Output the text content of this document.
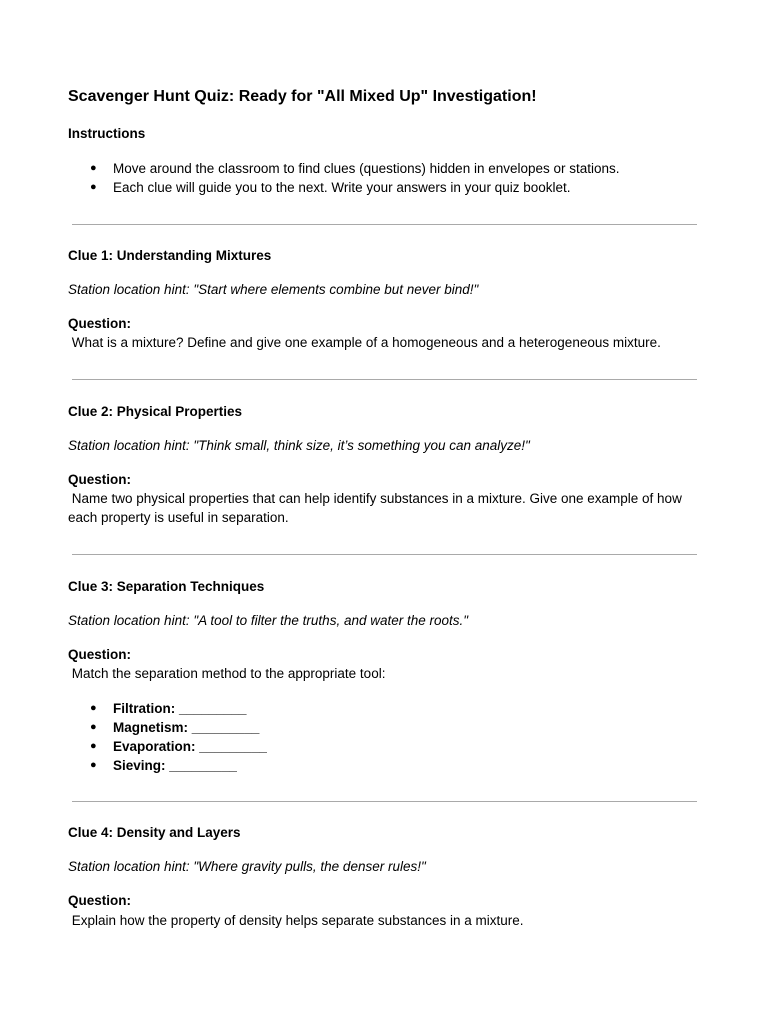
Scavenger Hunt Quiz: Ready for "All Mixed Up" Investigation!

Instructions

● Move around the classroom to find clues (questions) hidden in envelopes or stations.
● Each clue will guide you to the next. Write your answers in your quiz booklet.

Clue 1: Understanding Mixtures

Station location hint: "Start where elements combine but never bind!"

Question:

What is a mixture? Define and give one example of a homogeneous and a heterogeneous mixture.

Clue 2: Physical Properties

Station location hint: "Think small, think size, it’s something you can analyze!"

Question:

Name two physical properties that can help identify substances in a mixture. Give one example of how

each property is useful in separation.

Clue 3: Separation Techniques

Station location hint: "A tool to filter the truths, and water the roots."

Question:

Match the separation method to the appropriate tool:

● Filtration: _________
● Magnetism: _________
● Evaporation: _________
● Sieving: _________

Clue 4: Density and Layers

Station location hint: "Where gravity pulls, the denser rules!"

Question:

Explain how the property of density helps separate substances in a mixture.
